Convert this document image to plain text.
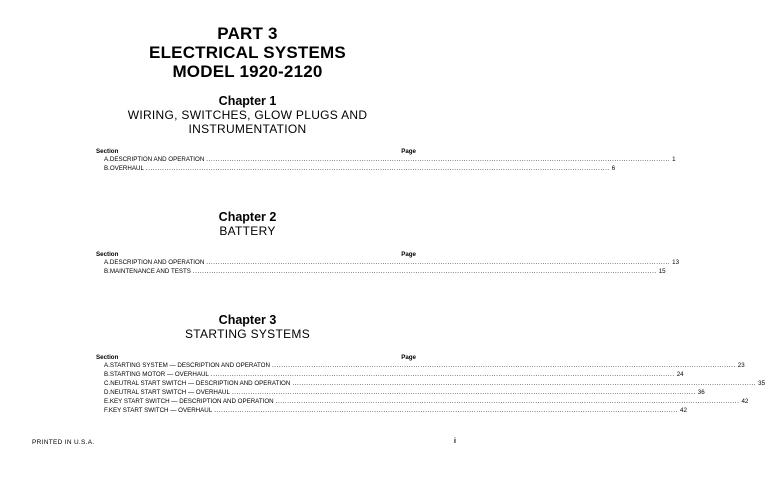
PART 3
ELECTRICAL SYSTEMS
MODEL 1920-2120
Chapter 1
WIRING, SWITCHES, GLOW PLUGS AND
INSTRUMENTATION
Section	Page
A. DESCRIPTION AND OPERATION ........................................................................................................................................................................................................ 1
B. OVERHAUL ........................................................................................................................................................................................................ 6
Chapter 2
BATTERY
Section	Page
A. DESCRIPTION AND OPERATION ........................................................................................................................................................................................................ 13
B. MAINTENANCE AND TESTS ........................................................................................................................................................................................................ 15
Chapter 3
STARTING SYSTEMS
Section	Page
A. STARTING SYSTEM — DESCRIPTION AND OPERATON ........................................................................................................................................................................................................ 23
B. STARTING MOTOR — OVERHAUL ........................................................................................................................................................................................................ 24
C. NEUTRAL START SWITCH — DESCRIPTION AND OPERATION ........................................................................................................................................................................................................ 35
D. NEUTRAL START SWITCH — OVERHAUL ........................................................................................................................................................................................................ 36
E. KEY START SWITCH — DESCRIPTION AND OPERATION ........................................................................................................................................................................................................ 42
F. KEY START SWITCH — OVERHAUL ........................................................................................................................................................................................................ 42
PRINTED IN U.S.A.	i
